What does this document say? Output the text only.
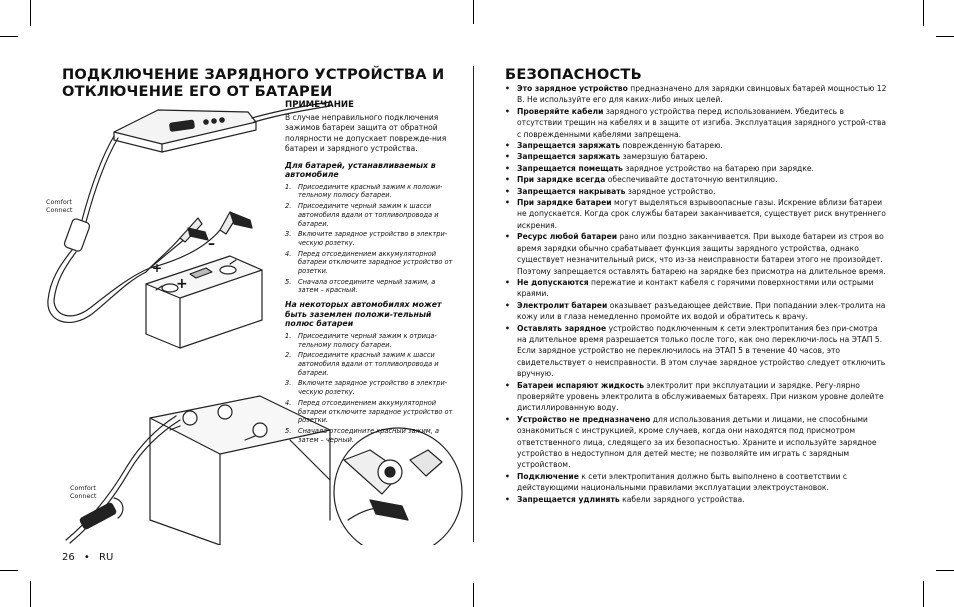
ПОДКЛЮЧЕНИЕ ЗАРЯДНОГО УСТРОЙСТВА И ОТКЛЮЧЕНИЕ ЕГО ОТ БАТАРЕИ
+
–
+
Comfort Connect
Comfort Connect

ПРИМЕЧАНИЕ

В случае неправильного подключения зажимов батареи защита от обратной полярности не допускает поврежде-ния батареи и зарядного устройства.

Для батарей, устанавливаемых в автомобиле

1. Присоедините красный зажим к положи-тельному полюсу батареи.
2. Присоедините черный зажим к шасси автомобиля вдали от топливопровода и батареи.
3. Включите зарядное устройство в электри-ческую розетку.
4. Перед отсоединением аккумуляторной батареи отключите зарядное устройство от розетки.
5. Сначала отсоедините черный зажим, а затем – красный.

На некоторых автомобилях может быть заземлен положи-тельный полюс батареи

1. Присоедините черный зажим к отрица-тельному полюсу батареи.
2. Присоедините красный зажим к шасси автомобиля вдали от топливопровода и батареи.
3. Включите зарядное устройство в электри-ческую розетку.
4. Перед отсоединением аккумуляторной батареи отключите зарядное устройство от розетки.
5. Сначала отсоедините красный зажим, а затем – черный.
БЕЗОПАСНОСТЬ
• Это зарядное устройство предназначено для зарядки свинцовых батарей мощностью 12 В. Не используйте его для каких-либо иных целей.
• Проверяйте кабели зарядного устройства перед использованием. Убедитесь в отсутствии трещин на кабелях и в защите от изгиба. Эксплуатация зарядного устрой-ства с поврежденными кабелями запрещена.
• Запрещается заряжать поврежденную батарею.
• Запрещается заряжать замерзшую батарею.
• Запрещается помещать зарядное устройство на батарею при зарядке.
• При зарядке всегда обеспечивайте достаточную вентиляцию.
• Запрещается накрывать зарядное устройство.
• При зарядке батареи могут выделяться взрывоопасные газы. Искрение вблизи батареи не допускается. Когда срок службы батареи заканчивается, существует риск внутреннего искрения.
• Ресурс любой батареи рано или поздно заканчивается. При выходе батареи из строя во время зарядки обычно срабатывает функция защиты зарядного устройства, однако существует незначительный риск, что из-за неисправности батареи этого не произойдет. Поэтому запрещается оставлять батарею на зарядке без присмотра на длительное время.
• Не допускаются пережатие и контакт кабеля с горячими поверхностями или острыми краями.
• Электролит батареи оказывает разъедающее действие. При попадании элек-тролита на кожу или в глаза немедленно промойте их водой и обратитесь к врачу.
• Оставлять зарядное устройство подключенным к сети электропитания без при-смотра на длительное время разрешается только после того, как оно переключи-лось на ЭТАП 5. Если зарядное устройство не переключилось на ЭТАП 5 в течение 40 часов, это свидетельствует о неисправности. В этом случае зарядное устройство следует отключить вручную.
• Батареи испаряют жидкость электролит при эксплуатации и зарядке. Регу-лярно проверяйте уровень электролита в обслуживаемых батареях. При низком уровне долейте дистиллированную воду.
• Устройство не предназначено для использования детьми и лицами, не способными ознакомиться с инструкцией, кроме случаев, когда они находятся под присмотром ответственного лица, следящего за их безопасностью. Храните и используйте зарядное устройство в недоступном для детей месте; не позволяйте им играть с зарядным устройством.
• Подключение к сети электропитания должно быть выполнено в соответствии с действующими национальными правилами эксплуатации электроустановок.
• Запрещается удлинять кабели зарядного устройства.
26 • RU
